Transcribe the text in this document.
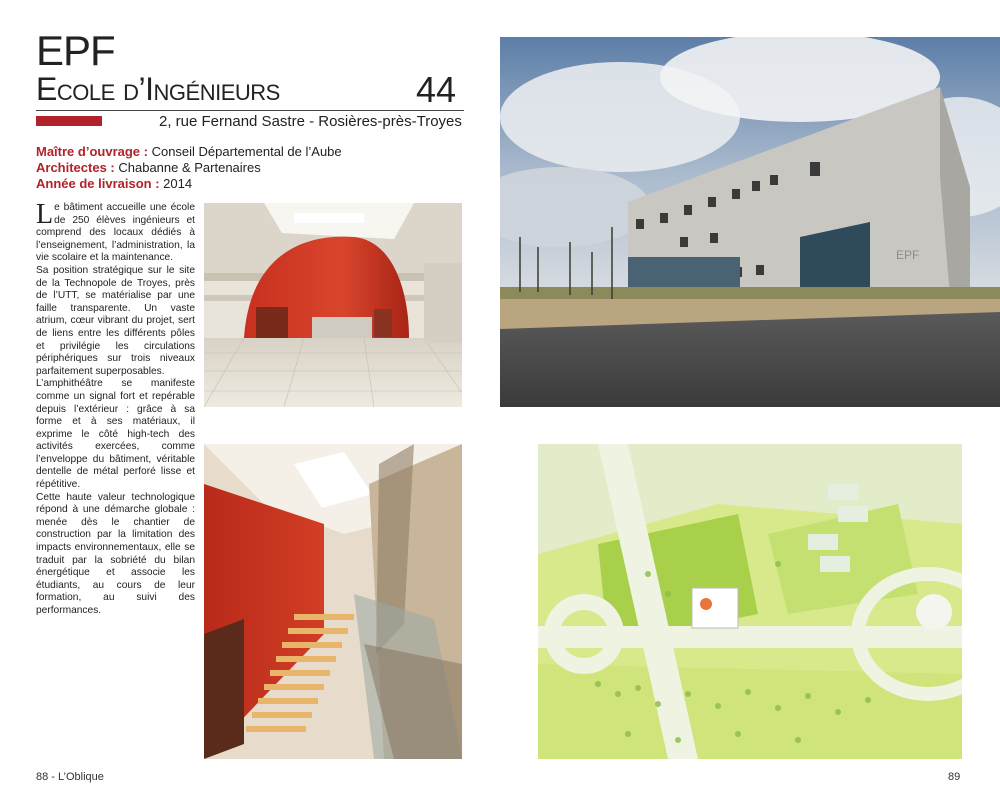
EPF
Ecole d’Ingénieurs	44
2, rue Fernand Sastre - Rosières-près-Troyes
Maître d’ouvrage : Conseil Départemental de l’Aube
Architectes : Chabanne & Partenaires
Année de livraison : 2014

Le bâtiment accueille une école de 250 élèves ingénieurs et comprend des locaux dédiés à l’enseignement, l’administration, la vie scolaire et la maintenance.

Sa position stratégique sur le site de la Technopole de Troyes, près de l’UTT, se matérialise par une faille transparente. Un vaste atrium, cœur vibrant du projet, sert de liens entre les différents pôles et privilégie les circulations périphériques sur trois niveaux parfaitement superposables.

L’amphithéâtre se manifeste comme un signal fort et repérable depuis l’extérieur : grâce à sa forme et à ses matériaux, il exprime le côté high-tech des activités exercées, comme l’enveloppe du bâtiment, véritable dentelle de métal perforé lisse et répétitive.

Cette haute valeur technologique répond à une démarche globale : menée dès le chantier de construction par la limitation des impacts environnementaux, elle se traduit par la sobriété du bilan énergétique et associe les étudiants, au cours de leur formation, au suivi des performances.

EPF
88 - L’Oblique	89
